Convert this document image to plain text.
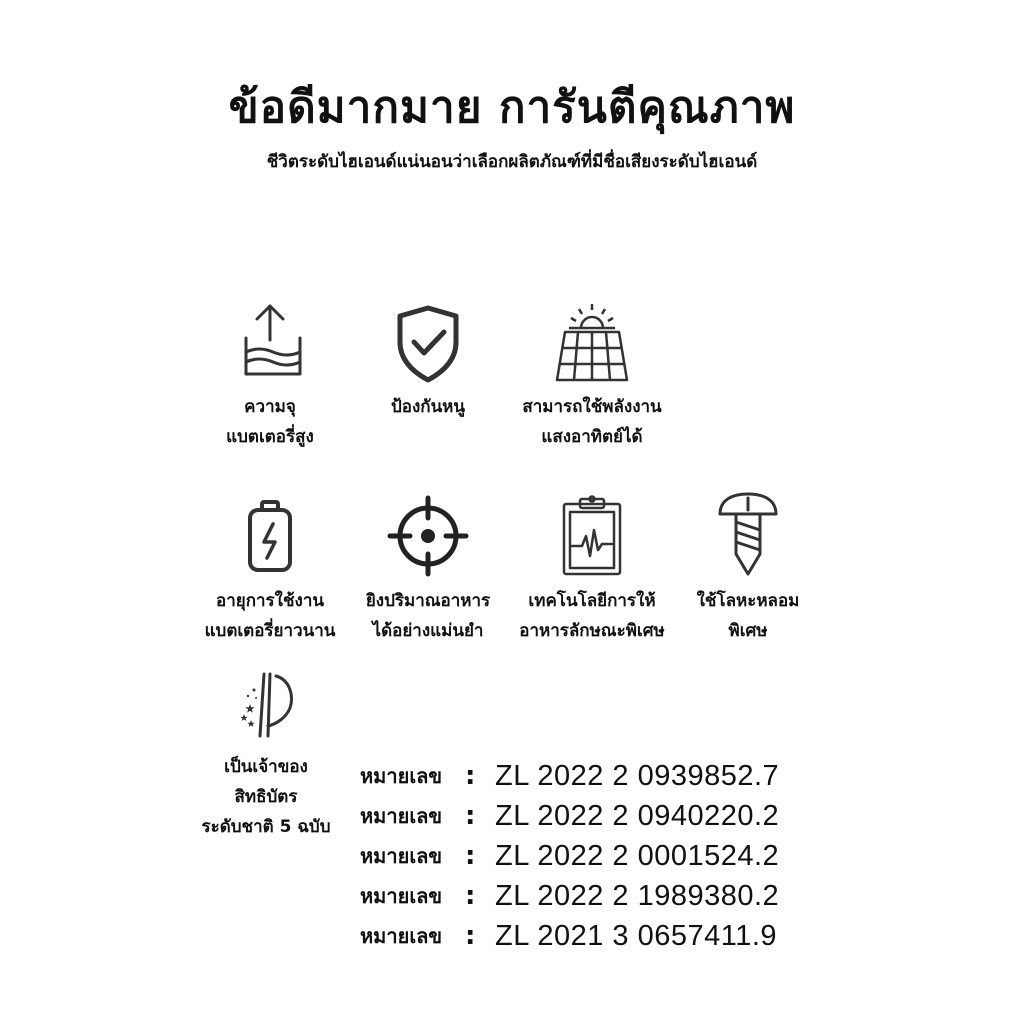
ข้อดีมากมาย การันตีคุณภาพ

ชีวิตระดับไฮเอนด์แน่นอนว่าเลือกผลิตภัณฑ์ที่มีชื่อเสียงระดับไฮเอนด์

ความจุ
แบตเตอรี่สูง
ป้องกันหนู	สามารถใช้พลังงาน
แสงอาทิตย์ได้
อายุการใช้งาน
แบตเตอรี่ยาวนาน
ยิงปริมาณอาหาร
ได้อย่างแม่นยำ
เทคโนโลยีการให้
อาหารลักษณะพิเศษ
ใช้โลหะหลอม
พิเศษ
เป็นเจ้าของ
สิทธิบัตร
ระดับชาติ 5 ฉบับ
หมายเลข : ZL 2022 2 0939852.7
หมายเลข : ZL 2022 2 0940220.2
หมายเลข : ZL 2022 2 0001524.2
หมายเลข : ZL 2022 2 1989380.2
หมายเลข : ZL 2021 3 0657411.9
